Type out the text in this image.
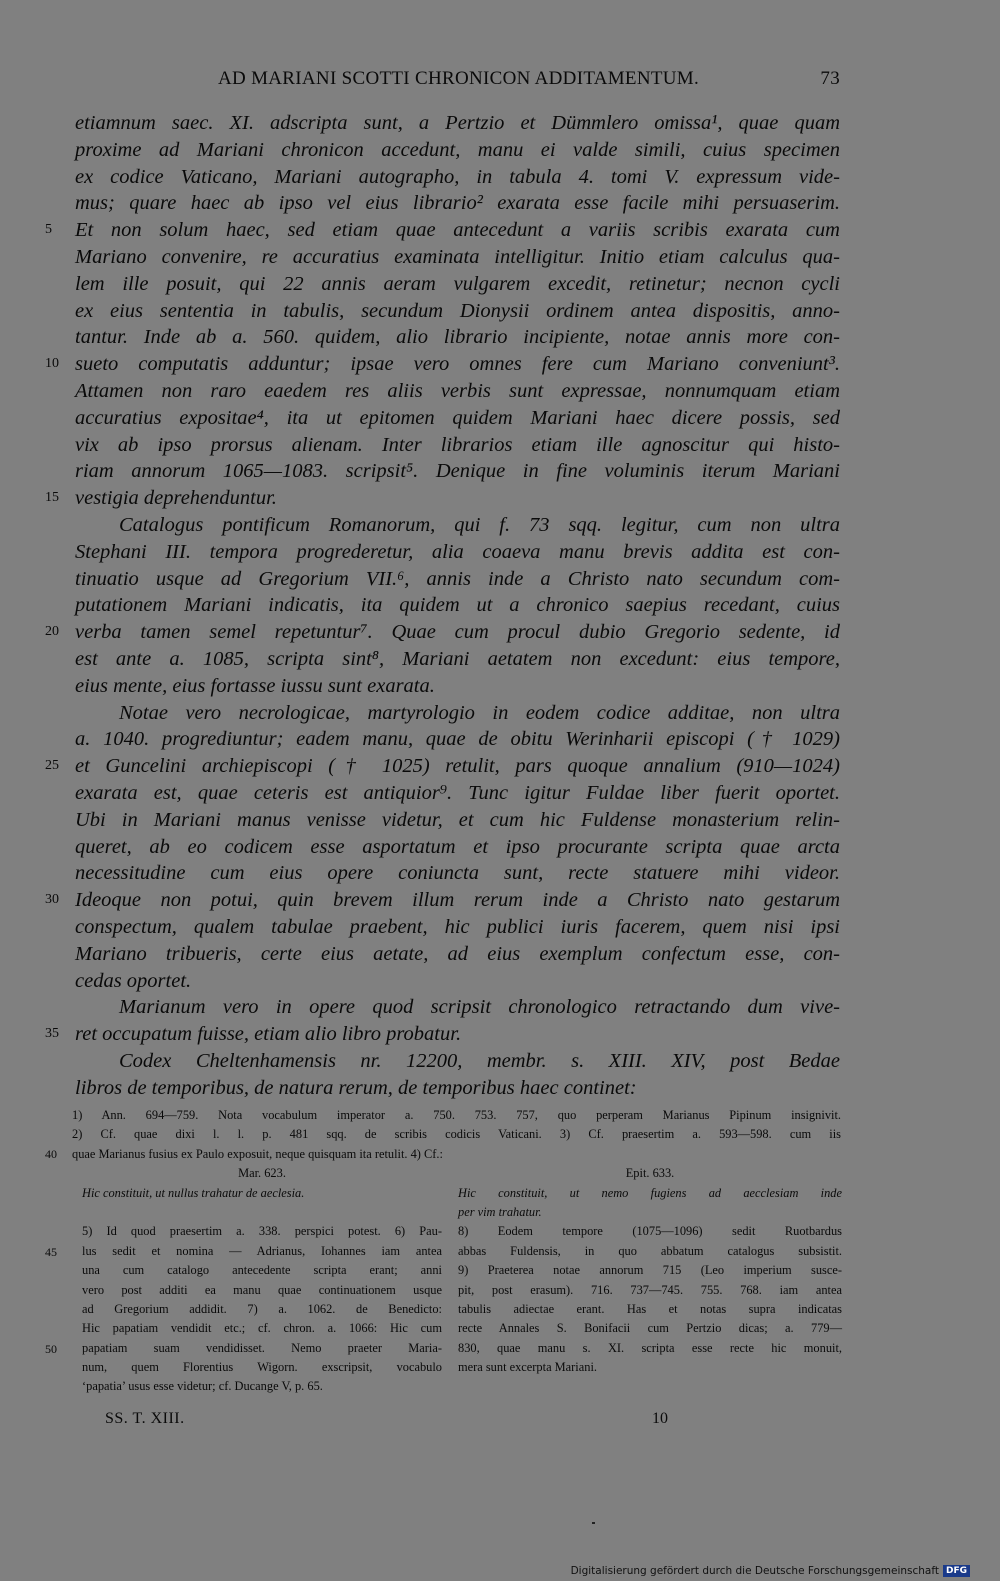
AD MARIANI SCOTTI CHRONICON ADDITAMENTUM.	73
etiamnum saec. XI. adscripta sunt, a Pertzio et Dümmlero omissa¹, quae quam
proxime ad Mariani chronicon accedunt, manu ei valde simili, cuius specimen
ex codice Vaticano, Mariani autographo, in tabula 4. tomi V. expressum vide-
mus; quare haec ab ipso vel eius librario² exarata esse facile mihi persuaserim.
5 Et non solum haec, sed etiam quae antecedunt a variis scribis exarata cum
Mariano convenire, re accuratius examinata intelligitur. Initio etiam calculus qua-
lem ille posuit, qui 22 annis aeram vulgarem excedit, retinetur; necnon cycli
ex eius sententia in tabulis, secundum Dionysii ordinem antea dispositis, anno-
tantur. Inde ab a. 560. quidem, alio librario incipiente, notae annis more con-
10 sueto computatis adduntur; ipsae vero omnes fere cum Mariano conveniunt³.
Attamen non raro eaedem res aliis verbis sunt expressae, nonnumquam etiam
accuratius expositae⁴, ita ut epitomen quidem Mariani haec dicere possis, sed
vix ab ipso prorsus alienam. Inter librarios etiam ille agnoscitur qui histo-
riam annorum 1065—1083. scripsit⁵. Denique in fine voluminis iterum Mariani
15 vestigia deprehenduntur.
Catalogus pontificum Romanorum, qui f. 73 sqq. legitur, cum non ultra
Stephani III. tempora progrederetur, alia coaeva manu brevis addita est con-
tinuatio usque ad Gregorium VII.⁶, annis inde a Christo nato secundum com-
putationem Mariani indicatis, ita quidem ut a chronico saepius recedant, cuius
20 verba tamen semel repetuntur⁷. Quae cum procul dubio Gregorio sedente, id
est ante a. 1085, scripta sint⁸, Mariani aetatem non excedunt: eius tempore,
eius mente, eius fortasse iussu sunt exarata.
Notae vero necrologicae, martyrologio in eodem codice additae, non ultra
a. 1040. progrediuntur; eadem manu, quae de obitu Werinharii episcopi († 1029)
25 et Guncelini archiepiscopi († 1025) retulit, pars quoque annalium (910—1024)
exarata est, quae ceteris est antiquior⁹. Tunc igitur Fuldae liber fuerit oportet.
Ubi in Mariani manus venisse videtur, et cum hic Fuldense monasterium relin-
queret, ab eo codicem esse asportatum et ipso procurante scripta quae arcta
necessitudine cum eius opere coniuncta sunt, recte statuere mihi videor.
30 Ideoque non potui, quin brevem illum rerum inde a Christo nato gestarum
conspectum, qualem tabulae praebent, hic publici iuris facerem, quem nisi ipsi
Mariano tribueris, certe eius aetate, ad eius exemplum confectum esse, con-
cedas oportet.
Marianum vero in opere quod scripsit chronologico retractando dum vive-
35 ret occupatum fuisse, etiam alio libro probatur.
Codex Cheltenhamensis nr. 12200, membr. s. XIII. XIV, post Bedae
libros de temporibus, de natura rerum, de temporibus haec continet:
1) Ann. 694—759. Nota vocabulum imperator a. 750. 753. 757, quo perperam Marianus Pipinum insignivit.
2) Cf. quae dixi l. l. p. 481 sqq. de scribis codicis Vaticani. 3) Cf. praesertim a. 593—598. cum iis
40 quae Marianus fusius ex Paulo exposuit, neque quisquam ita retulit. 4) Cf.:
Mar. 623.	Epit. 633.
Hic constituit, ut nullus trahatur de aeclesia.	Hic constituit, ut nemo fugiens ad aecclesiam inde
per vim trahatur.
5) Id quod praesertim a. 338. perspici potest. 6) Pau-
lus sedit et nomina — Adrianus, Iohannes iam antea
una cum catalogo antecedente scripta erant; anni
vero post additi ea manu quae continuationem usque
ad Gregorium addidit. 7) a. 1062. de Benedicto:
Hic papatiam vendidit etc.; cf. chron. a. 1066: Hic cum
papatiam suam vendidisset. Nemo praeter Maria-
num, quem Florentius Wigorn. exscripsit, vocabulo
‘papatia’ usus esse videtur; cf. Ducange V, p. 65.
8) Eodem tempore (1075—1096) sedit Ruotbardus
abbas Fuldensis, in quo abbatum catalogus subsistit.
9) Praeterea notae annorum 715 (Leo imperium susce-
pit, post erasum). 716. 737—745. 755. 768. iam antea
tabulis adiectae erant. Has et notas supra indicatas
recte Annales S. Bonifacii cum Pertzio dicas; a. 779—
830, quae manu s. XI. scripta esse recte hic monuit,
mera sunt excerpta Mariani.
45
50
SS. T. XIII.	10
Digitalisierung gefördert durch die Deutsche Forschungsgemeinschaft DFG
